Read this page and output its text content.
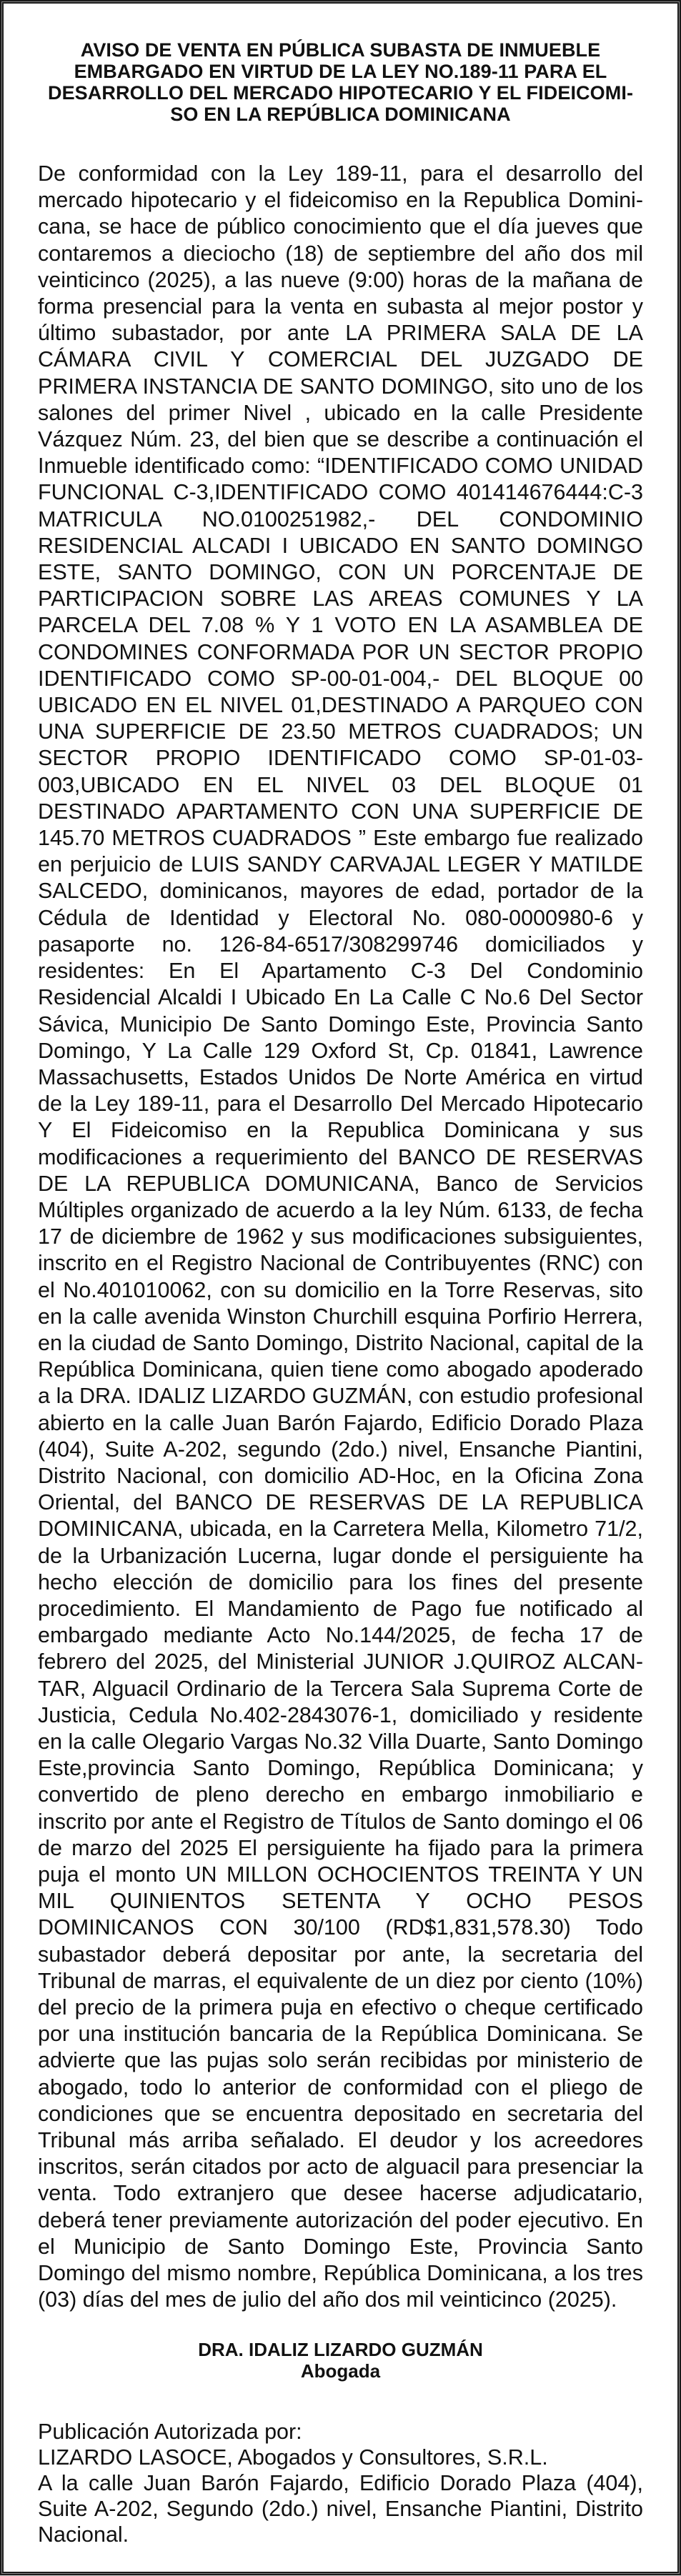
AVISO DE VENTA EN PÚBLICA SUBASTA DE INMUEBLE
EMBARGADO EN VIRTUD DE LA LEY NO.189-11 PARA EL
DESARROLLO DEL MERCADO HIPOTECARIO Y EL FIDEICOMI-
SO EN LA REPÚBLICA DOMINICANA

De conformidad con la Ley 189-11, para el desarrollo del mercado hipotecario y el fideicomiso en la Republica Dominicana, se hace de público conocimiento que el día jueves que contaremos a dieciocho (18) de septiembre del año dos mil veinticinco (2025), a las nueve (9:00) horas de la mañana de forma presencial para la venta en subasta al mejor postor y último subastador, por ante LA PRIMERA SALA DE LA CÁMARA CIVIL Y COMERCIAL DEL JUZGADO DE PRIMERA INSTANCIA DE SANTO DOMINGO, sito uno de los salones del primer Nivel , ubicado en la calle Presidente Vázquez Núm. 23, del bien que se describe a continuación el Inmueble identificado como: “IDENTIFICADO COMO UNIDAD FUNCIONAL C-3,IDENTIFICADO COMO 401414676444:C-3 MATRICULA NO.0100251982,- DEL CONDOMINIO RESIDENCIAL ALCADI I UBICADO EN SANTO DOMINGO ESTE, SANTO DOMINGO, CON UN PORCENTAJE DE PARTICIPACION SOBRE LAS AREAS COMUNES Y LA PARCELA DEL 7.08 % Y 1 VOTO EN LA ASAMBLEA DE CONDOMINES CONFORMADA POR UN SECTOR PROPIO IDENTIFICADO COMO SP-00-01-004,- DEL BLOQUE 00 UBICADO EN EL NIVEL 01,DESTINADO A PARQUEO CON UNA SUPERFICIE DE 23.50 METROS CUADRADOS; UN SECTOR PROPIO IDENTIFICADO COMO SP-01-03-003,UBICADO EN EL NIVEL 03 DEL BLOQUE 01 DESTINADO APARTAMENTO CON UNA SUPERFICIE DE 145.70 METROS CUADRADOS ” Este embargo fue realizado en perjuicio de LUIS SANDY CARVAJAL LEGER Y MATILDE SALCEDO, dominicanos, mayores de edad, portador de la Cédula de Identidad y Electoral No. 080-0000980-6 y pasaporte no. 126-84-6517/308299746 domiciliados y residentes: En El Apartamento C-3 Del Condominio Residencial Alcaldi I Ubicado En La Calle C No.6 Del Sector Sávica, Municipio De Santo Domingo Este, Provincia Santo Domingo, Y La Calle 129 Oxford St, Cp. 01841, Lawrence Massachusetts, Estados Unidos De Norte América en virtud de la Ley 189-11, para el Desarrollo Del Mercado Hipotecario Y El Fideicomiso en la Republica Dominicana y sus modificaciones a requerimiento del BANCO DE RESERVAS DE LA REPUBLICA DOMUNICANA, Banco de Servicios Múltiples organizado de acuerdo a la ley Núm. 6133, de fecha 17 de diciembre de 1962 y sus modificaciones subsiguientes, inscrito en el Registro Nacional de Contribuyentes (RNC) con el No.401010062, con su domicilio en la Torre Reservas, sito en la calle avenida Winston Churchill esquina Porfirio Herrera, en la ciudad de Santo Domingo, Distrito Nacional, capital de la República Dominicana, quien tiene como abogado apoderado a la DRA. IDALIZ LIZARDO GUZMÁN, con estudio profesional abierto en la calle Juan Barón Fajardo, Edificio Dorado Plaza (404), Suite A-202, segundo (2do.) nivel, Ensanche Piantini, Distrito Nacional, con domicilio AD-Hoc, en la Oficina Zona Oriental, del BANCO DE RESERVAS DE LA REPUBLICA DOMINICANA, ubicada, en la Carretera Mella, Kilometro 71/2, de la Urbanización Lucerna, lugar donde el persiguiente ha hecho elección de domicilio para los fines del presente procedimiento. El Mandamiento de Pago fue notificado al embargado mediante Acto No.144/2025, de fecha 17 de febrero del 2025, del Ministerial JUNIOR J.QUIROZ ALCANTAR, Alguacil Ordinario de la Tercera Sala Suprema Corte de Justicia, Cedula No.402-2843076-1, domiciliado y residente en la calle Olegario Vargas No.32 Villa Duarte, Santo Domingo Este,provincia Santo Domingo, República Dominicana; y convertido de pleno derecho en embargo inmobiliario e inscrito por ante el Registro de Títulos de Santo domingo el 06 de marzo del 2025 El persiguiente ha fijado para la primera puja el monto UN MILLON OCHOCIENTOS TREINTA Y UN MIL QUINIENTOS SETENTA Y OCHO PESOS DOMINICANOS CON 30/100 (RD$1,831,578.30) Todo subastador deberá depositar por ante, la secretaria del Tribunal de marras, el equivalente de un diez por ciento (10%) del precio de la primera puja en efectivo o cheque certificado por una institución bancaria de la República Dominicana. Se advierte que las pujas solo serán recibidas por ministerio de abogado, todo lo anterior de conformidad con el pliego de condiciones que se encuentra depositado en secretaria del Tribunal más arriba señalado. El deudor y los acreedores inscritos, serán citados por acto de alguacil para presenciar la venta. Todo extranjero que desee hacerse adjudicatario, deberá tener previamente autorización del poder ejecutivo. En el Municipio de Santo Domingo Este, Provincia Santo Domingo del mismo nombre, República Dominicana, a los tres (03) días del mes de julio del año dos mil veinticinco (2025).

DRA. IDALIZ LIZARDO GUZMÁN
Abogada
Publicación Autorizada por:
LIZARDO LASOCE, Abogados y Consultores, S.R.L.
A la calle Juan Barón Fajardo, Edificio Dorado Plaza (404), Suite A-202, Segundo (2do.) nivel, Ensanche Piantini, Distrito Nacional.
